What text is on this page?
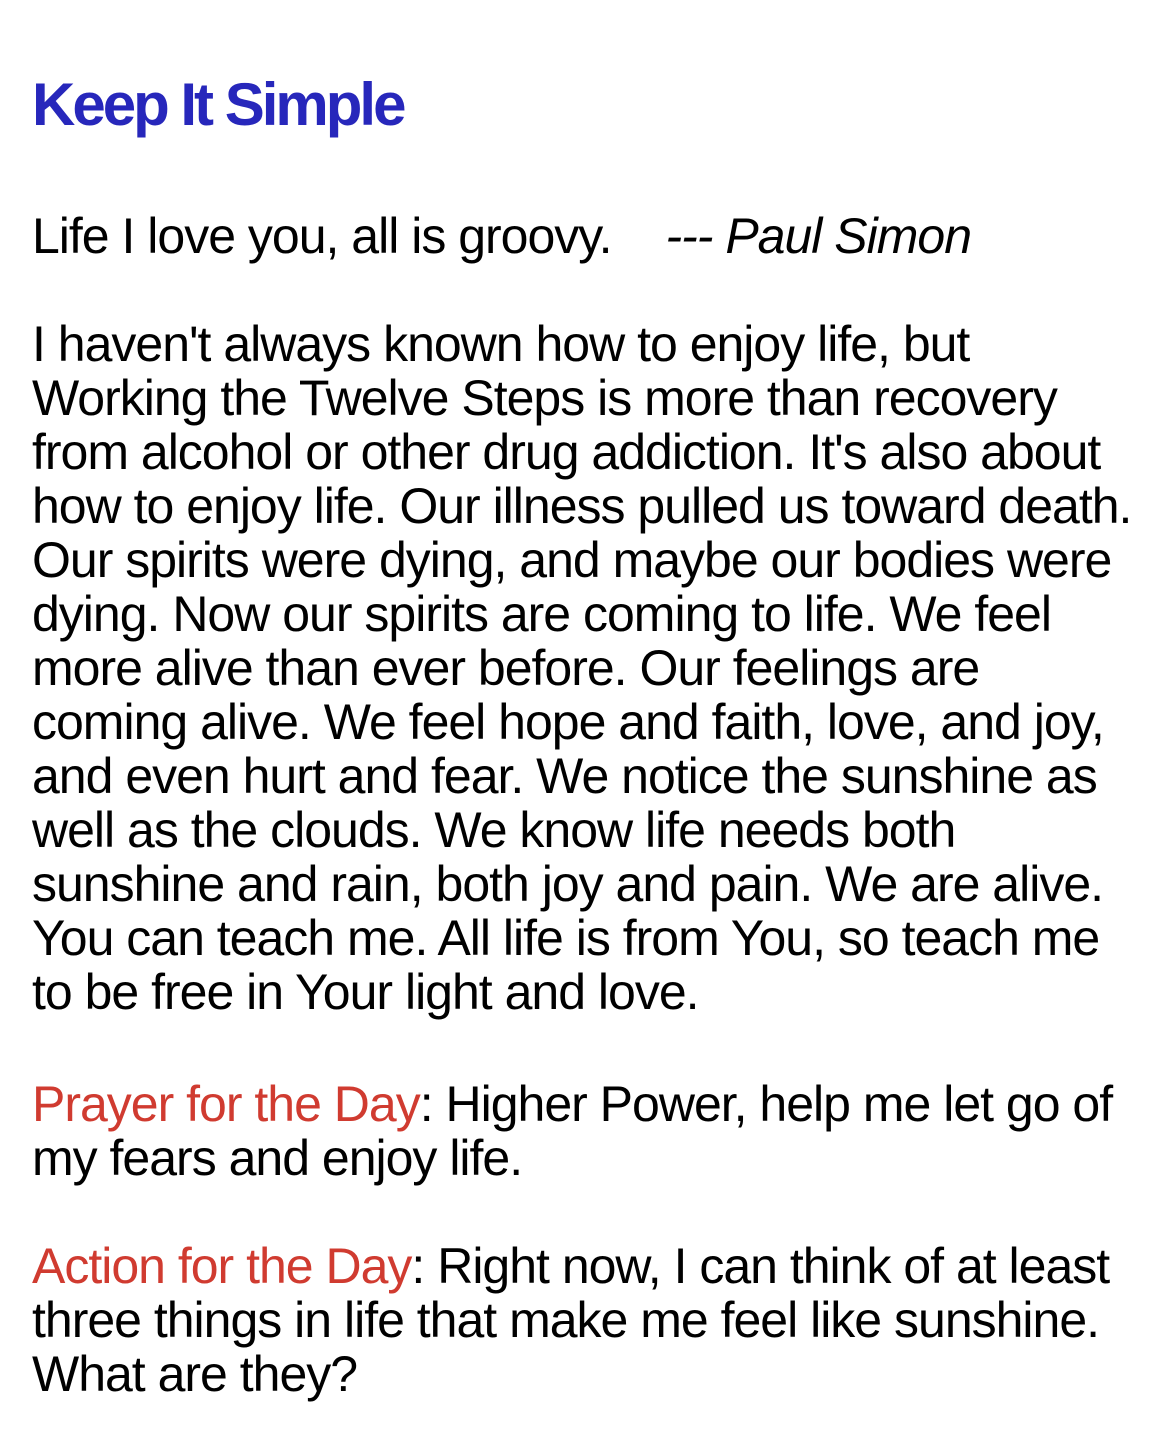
Keep It Simple

Life I love you, all is groovy. --- Paul Simon

I haven't always known how to enjoy life, but Working the Twelve Steps is more than recovery from alcohol or other drug addiction. It's also about how to enjoy life. Our illness pulled us toward death. Our spirits were dying, and maybe our bodies were dying. Now our spirits are coming to life. We feel more alive than ever before. Our feelings are coming alive. We feel hope and faith, love, and joy, and even hurt and fear. We notice the sunshine as well as the clouds. We know life needs both sunshine and rain, both joy and pain. We are alive. You can teach me. All life is from You, so teach me to be free in Your light and love.

Prayer for the Day: Higher Power, help me let go of my fears and enjoy life.

Action for the Day: Right now, I can think of at least three things in life that make me feel like sunshine. What are they?
